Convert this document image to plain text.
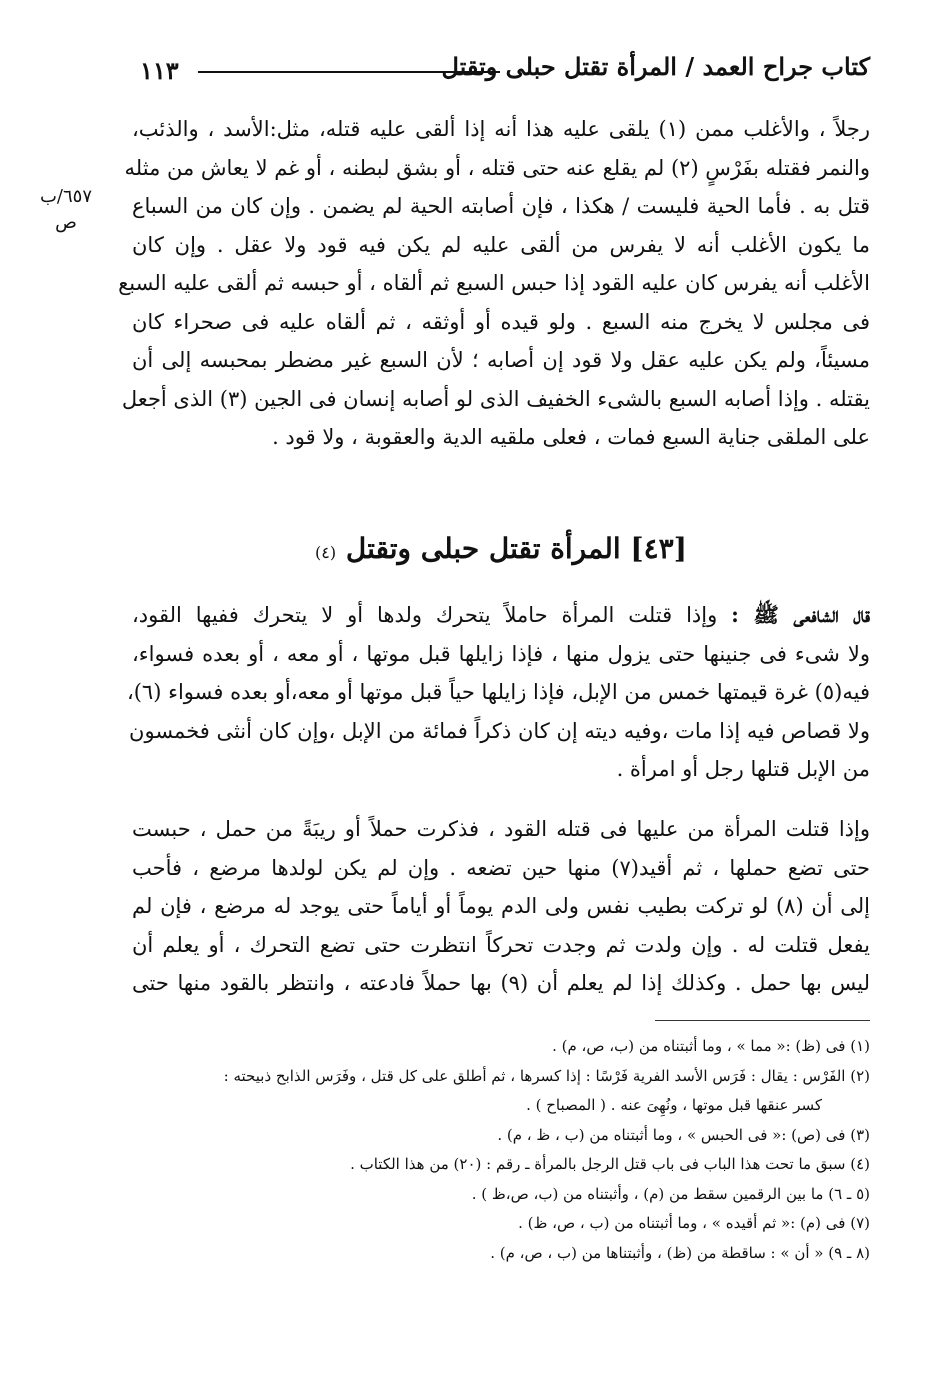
١١٣	كتاب جراح العمد / المرأة تقتل حبلى وتقتل
٦٥٧/ب
ص
رجلاً ، والأغلب ممن (١) يلقى عليه هذا أنه إذا ألقى عليه قتله، مثل:الأسد ، والذئب،
والنمر فقتله بفَرْسٍ (٢) لم يقلع عنه حتى قتله ، أو بشق لبطنه ، أو غم لا يعاش من مثله
قتل به . فأما الحية فليست / هكذا ، فإن أصابته الحية لم يضمن . وإن كان من السباع
ما يكون الأغلب أنه لا يفرس من ألقى عليه لم يكن فيه قود ولا عقل . وإن كان
الأغلب أنه يفرس كان عليه القود إذا حبس السبع ثم ألقاه ، أو حبسه ثم ألقى عليه السبع
فى مجلس لا يخرج منه السبع . ولو قيده أو أوثقه ، ثم ألقاه عليه فى صحراء كان
مسيئاً، ولم يكن عليه عقل ولا قود إن أصابه ؛ لأن السبع غير مضطر بمحبسه إلى أن
يقتله . وإذا أصابه السبع بالشىء الخفيف الذى لو أصابه إنسان فى الجين (٣) الذى أجعل
على الملقى جناية السبع فمات ، فعلى ملقيه الدية والعقوبة ، ولا قود .
[٤٣] المرأة تقتل حبلى وتقتل (٤)
قال الشافعى ﷺ : وإذا قتلت المرأة حاملاً يتحرك ولدها أو لا يتحرك ففيها القود،
ولا شىء فى جنينها حتى يزول منها ، فإذا زايلها قبل موتها ، أو معه ، أو بعده فسواء،
فيه(٥) غرة قيمتها خمس من الإبل، فإذا زايلها حياً قبل موتها أو معه،أو بعده فسواء (٦)،
ولا قصاص فيه إذا مات ،وفيه ديته إن كان ذكراً فمائة من الإبل ،وإن كان أنثى فخمسون
من الإبل قتلها رجل أو امرأة .
وإذا قتلت المرأة من عليها فى قتله القود ، فذكرت حملاً أو ريبَةً من حمل ، حبست
حتى تضع حملها ، ثم أقيد(٧) منها حين تضعه . وإن لم يكن لولدها مرضع ، فأحب
إلى أن (٨) لو تركت بطيب نفس ولى الدم يوماً أو أياماً حتى يوجد له مرضع ، فإن لم
يفعل قتلت له . وإن ولدت ثم وجدت تحركاً انتظرت حتى تضع التحرك ، أو يعلم أن
ليس بها حمل . وكذلك إذا لم يعلم أن (٩) بها حملاً فادعته ، وانتظر بالقود منها حتى
(١) فى (ظ) :« مما » ، وما أثبتناه من (ب، ص، م) .
(٢) الفَرْس : يقال : فَرَس الأسد الفرية فَرْسًا : إذا كسرها ، ثم أطلق على كل قتل ، وفَرَس الذابح ذبيحته :
كسر عنقها قبل موتها ، ونُهِىَ عنه . ( المصباح ) .
(٣) فى (ص) :« فى الحبس » ، وما أثبتناه من (ب ، ظ ، م) .
(٤) سبق ما تحت هذا الباب فى باب قتل الرجل بالمرأة ـ رقم : (٢٠) من هذا الكتاب .
(٥ ـ ٦) ما بين الرقمين سقط من (م) ، وأثبتناه من (ب، ص،ظ ) .
(٧) فى (م) :« ثم أقيده » ، وما أثبتناه من (ب ، ص، ظ) .
(٨ ـ ٩) « أن » : ساقطة من (ظ) ، وأثبتناها من (ب ، ص، م) .
